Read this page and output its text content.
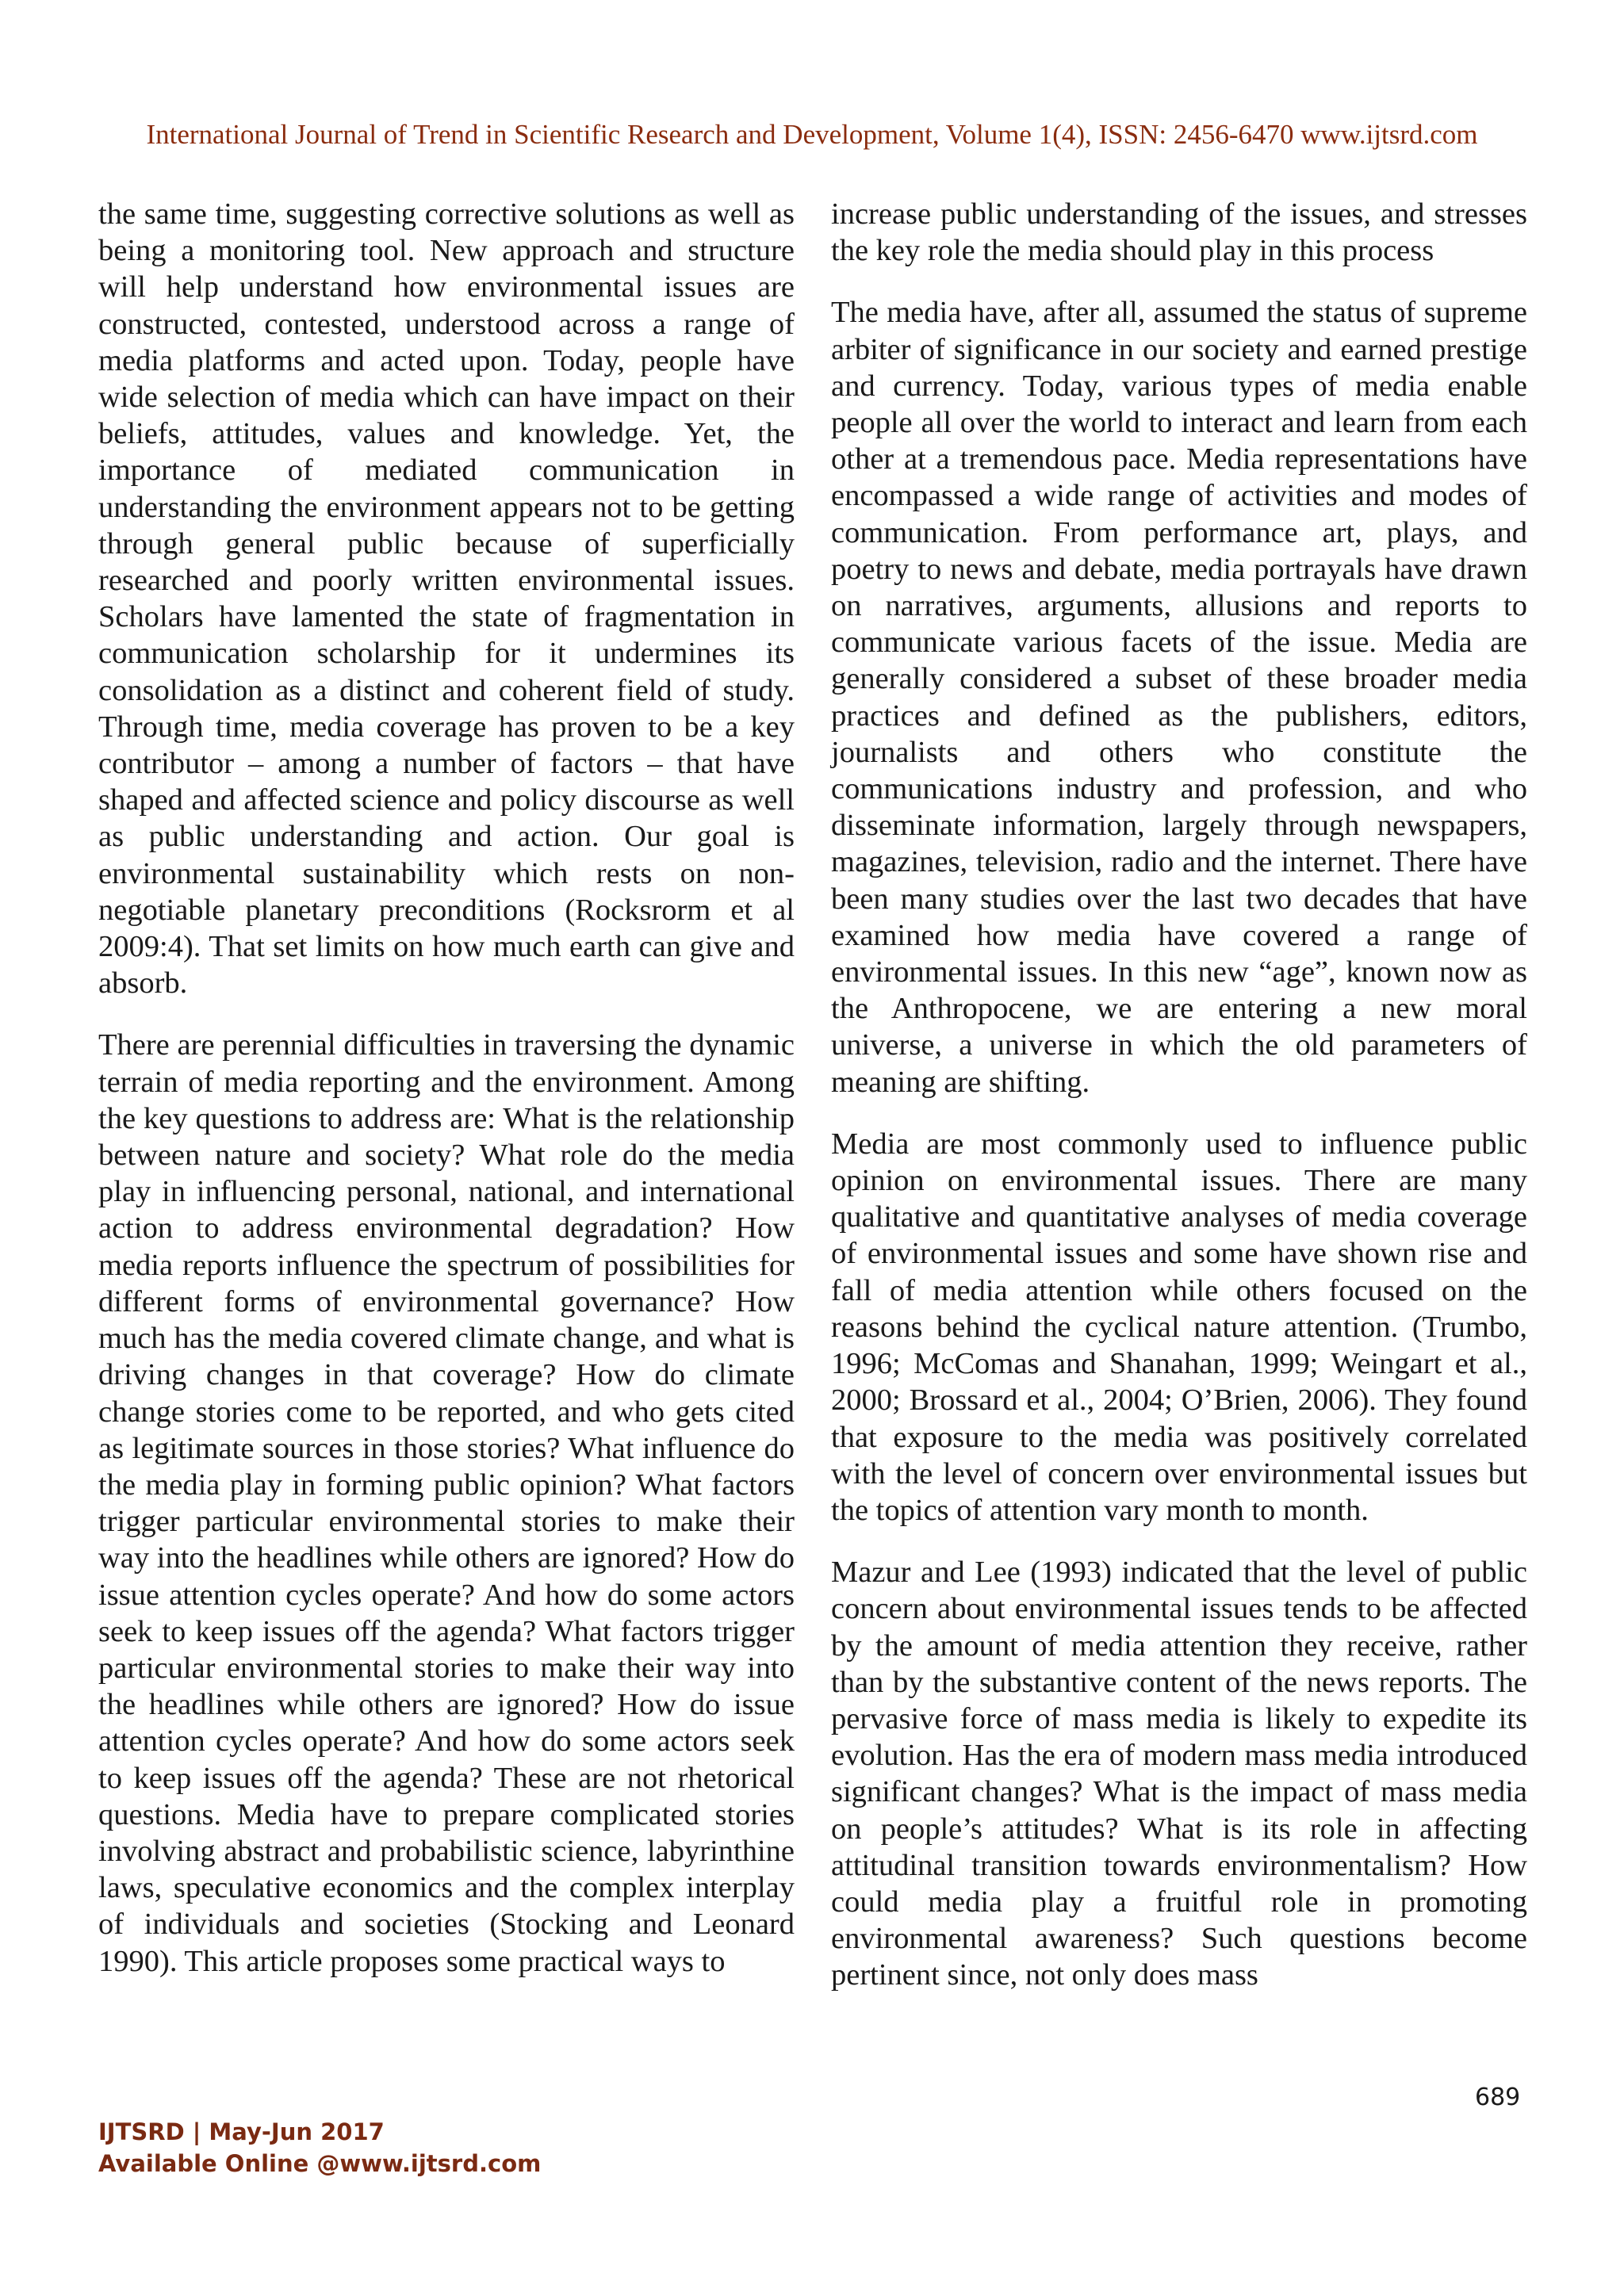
International Journal of Trend in Scientific Research and Development, Volume 1(4), ISSN: 2456-6470 www.ijtsrd.com

the same time, suggesting corrective solutions as well as being a monitoring tool. New approach and structure will help understand how environmental issues are constructed, contested, understood across a range of media platforms and acted upon. Today, people have wide selection of media which can have impact on their beliefs, attitudes, values and knowledge. Yet, the importance of mediated communication in understanding the environment appears not to be getting through general public because of superficially researched and poorly written environmental issues. Scholars have lamented the state of fragmentation in communication scholarship for it undermines its consolidation as a distinct and coherent field of study. Through time, media coverage has proven to be a key contributor – among a number of factors – that have shaped and affected science and policy discourse as well as public understanding and action. Our goal is environmental sustainability which rests on non-negotiable planetary preconditions (Rocksrorm et al 2009:4). That set limits on how much earth can give and absorb.

There are perennial difficulties in traversing the dynamic terrain of media reporting and the environment. Among the key questions to address are: What is the relationship between nature and society? What role do the media play in influencing personal, national, and international action to address environmental degradation? How media reports influence the spectrum of possibilities for different forms of environmental governance? How much has the media covered climate change, and what is driving changes in that coverage? How do climate change stories come to be reported, and who gets cited as legitimate sources in those stories? What influence do the media play in forming public opinion? What factors trigger particular environmental stories to make their way into the headlines while others are ignored? How do issue attention cycles operate? And how do some actors seek to keep issues off the agenda? What factors trigger particular environmental stories to make their way into the headlines while others are ignored? How do issue attention cycles operate? And how do some actors seek to keep issues off the agenda? These are not rhetorical questions. Media have to prepare complicated stories involving abstract and probabilistic science, labyrinthine laws, speculative economics and the complex interplay of individuals and societies (Stocking and Leonard 1990). This article proposes some practical ways to

increase public understanding of the issues, and stresses the key role the media should play in this process

The media have, after all, assumed the status of supreme arbiter of significance in our society and earned prestige and currency. Today, various types of media enable people all over the world to interact and learn from each other at a tremendous pace. Media representations have encompassed a wide range of activities and modes of communication. From performance art, plays, and poetry to news and debate, media portrayals have drawn on narratives, arguments, allusions and reports to communicate various facets of the issue. Media are generally considered a subset of these broader media practices and defined as the publishers, editors, journalists and others who constitute the communications industry and profession, and who disseminate information, largely through newspapers, magazines, television, radio and the internet. There have been many studies over the last two decades that have examined how media have covered a range of environmental issues. In this new “age”, known now as the Anthropocene, we are entering a new moral universe, a universe in which the old parameters of meaning are shifting.

Media are most commonly used to influence public opinion on environmental issues. There are many qualitative and quantitative analyses of media coverage of environmental issues and some have shown rise and fall of media attention while others focused on the reasons behind the cyclical nature attention. (Trumbo, 1996; McComas and Shanahan, 1999; Weingart et al., 2000; Brossard et al., 2004; O’Brien, 2006). They found that exposure to the media was positively correlated with the level of concern over environmental issues but the topics of attention vary month to month.

Mazur and Lee (1993) indicated that the level of public concern about environmental issues tends to be affected by the amount of media attention they receive, rather than by the substantive content of the news reports. The pervasive force of mass media is likely to expedite its evolution. Has the era of modern mass media introduced significant changes? What is the impact of mass media on people’s attitudes? What is its role in affecting attitudinal transition towards environmentalism? How could media play a fruitful role in promoting environmental awareness? Such questions become pertinent since, not only does mass

689
IJTSRD | May-Jun 2017
Available Online @www.ijtsrd.com
